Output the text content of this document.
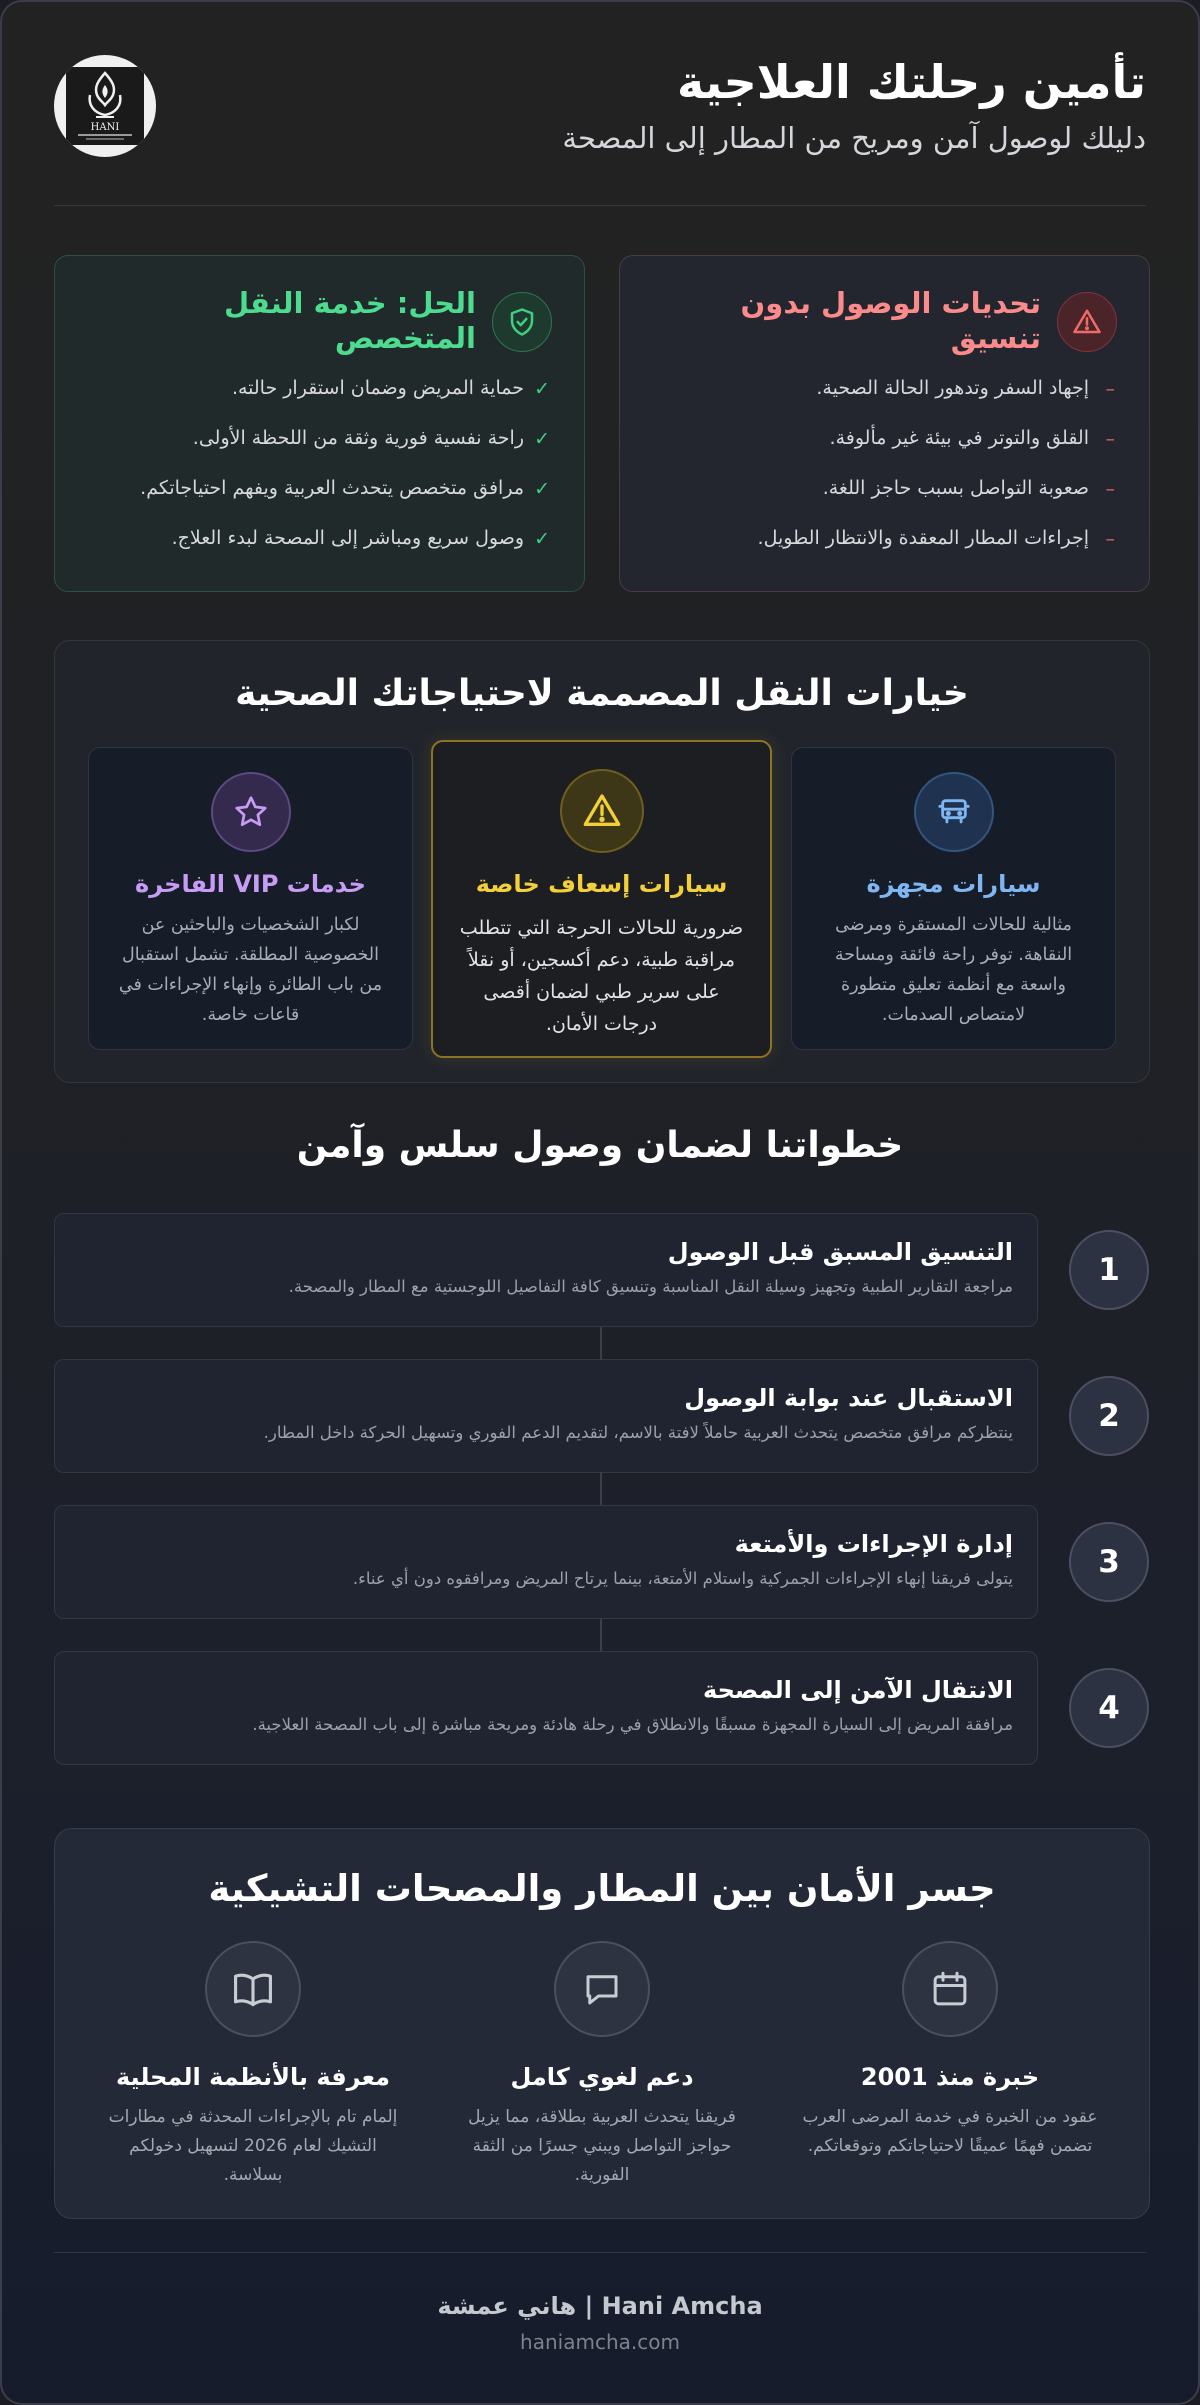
تأمين رحلتك العلاجية
دليلك لوصول آمن ومريح من المطار إلى المصحة
HANI
تحديات الوصول بدون تنسيق
–
إجهاد السفر وتدهور الحالة الصحية.
–
القلق والتوتر في بيئة غير مألوفة.
–
صعوبة التواصل بسبب حاجز اللغة.
–
إجراءات المطار المعقدة والانتظار الطويل.
الحل: خدمة النقل المتخصص
✓
حماية المريض وضمان استقرار حالته.
✓
راحة نفسية فورية وثقة من اللحظة الأولى.
✓
مرافق متخصص يتحدث العربية ويفهم احتياجاتكم.
✓
وصول سريع ومباشر إلى المصحة لبدء العلاج.
خيارات النقل المصممة لاحتياجاتك الصحية
سيارات مجهزة
مثالية للحالات المستقرة ومرضى النقاهة. توفر راحة فائقة ومساحة واسعة مع أنظمة تعليق متطورة لامتصاص الصدمات.
سيارات إسعاف خاصة
ضرورية للحالات الحرجة التي تتطلب مراقبة طبية، دعم أكسجين، أو نقلاً على سرير طبي لضمان أقصى درجات الأمان.
خدمات VIP الفاخرة
لكبار الشخصيات والباحثين عن الخصوصية المطلقة. تشمل استقبال من باب الطائرة وإنهاء الإجراءات في قاعات خاصة.
خطواتنا لضمان وصول سلس وآمن
التنسيق المسبق قبل الوصول
مراجعة التقارير الطبية وتجهيز وسيلة النقل المناسبة وتنسيق كافة التفاصيل اللوجستية مع المطار والمصحة.	1
الاستقبال عند بوابة الوصول
ينتظركم مرافق متخصص يتحدث العربية حاملاً لافتة بالاسم، لتقديم الدعم الفوري وتسهيل الحركة داخل المطار.	2
إدارة الإجراءات والأمتعة
يتولى فريقنا إنهاء الإجراءات الجمركية واستلام الأمتعة، بينما يرتاح المريض ومرافقوه دون أي عناء.	3
الانتقال الآمن إلى المصحة
مرافقة المريض إلى السيارة المجهزة مسبقًا والانطلاق في رحلة هادئة ومريحة مباشرة إلى باب المصحة العلاجية.	4
جسر الأمان بين المطار والمصحات التشيكية
خبرة منذ 2001
عقود من الخبرة في خدمة المرضى العرب تضمن فهمًا عميقًا لاحتياجاتكم وتوقعاتكم.
دعم لغوي كامل
فريقنا يتحدث العربية بطلاقة، مما يزيل حواجز التواصل ويبني جسرًا من الثقة الفورية.
معرفة بالأنظمة المحلية
إلمام تام بالإجراءات المحدثة في مطارات التشيك لعام 2026 لتسهيل دخولكم بسلاسة.
Hani Amcha | هاني عمشة
haniamcha.com
